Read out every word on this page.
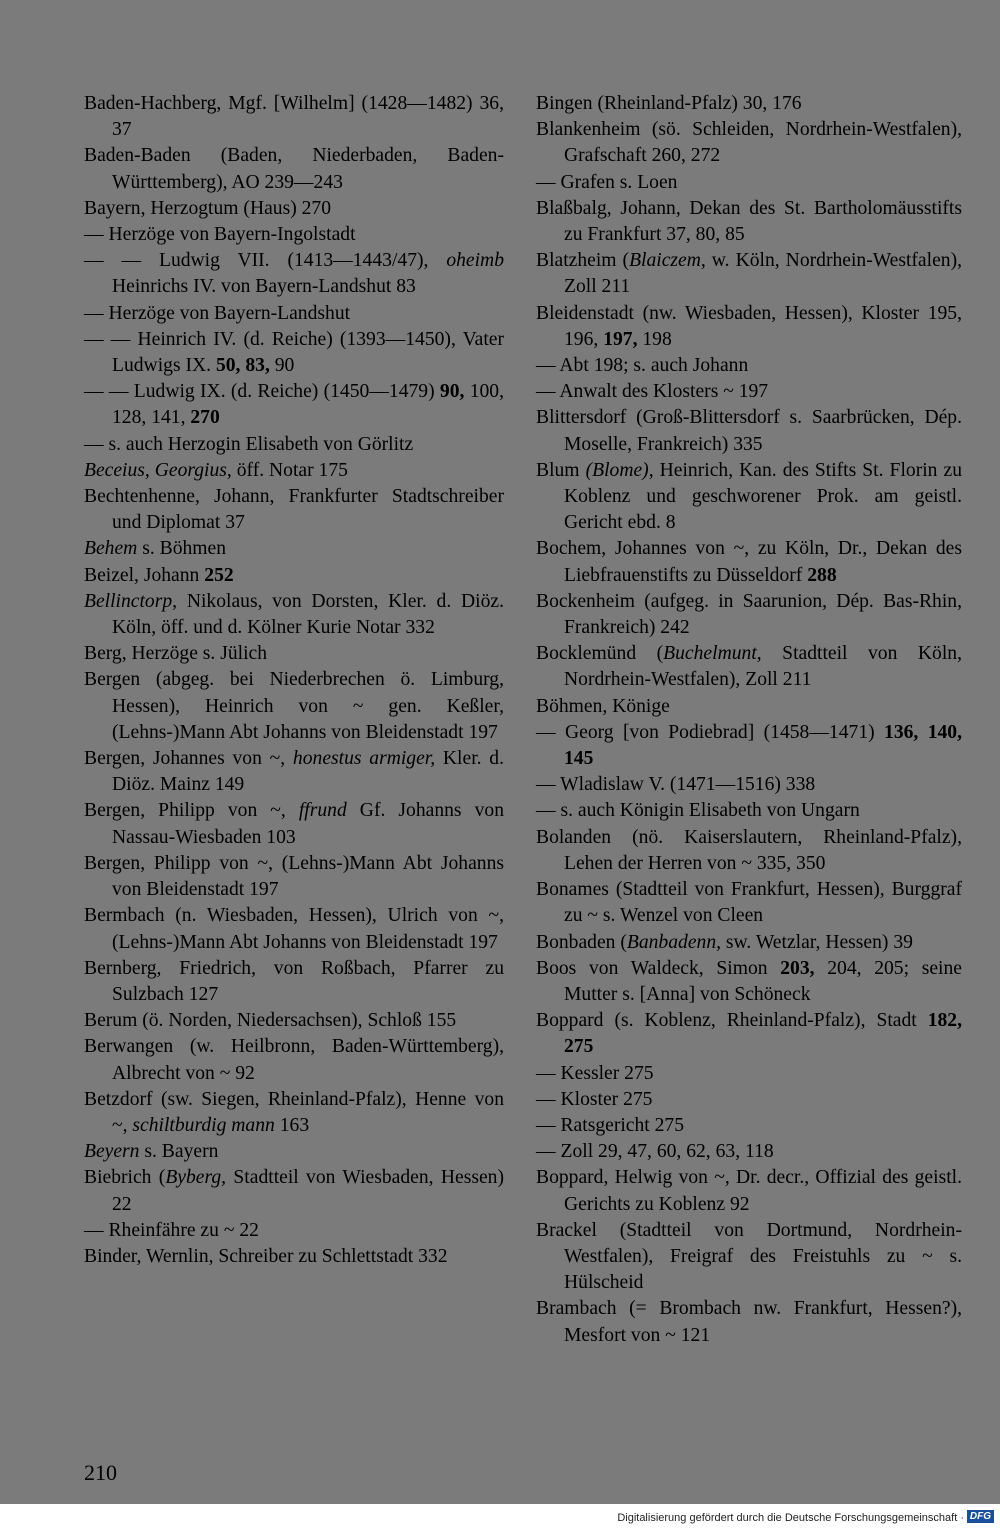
Baden-Hachberg, Mgf. [Wilhelm] (1428—1482) 36, 37

Baden-Baden (Baden, Niederbaden, Baden-Württemberg), AO 239—243

Bayern, Herzogtum (Haus) 270

— Herzöge von Bayern-Ingolstadt

— — Ludwig VII. (1413—1443/47), oheimb Heinrichs IV. von Bayern-Landshut 83

— Herzöge von Bayern-Landshut

— — Heinrich IV. (d. Reiche) (1393—1450), Vater Ludwigs IX. 50, 83, 90

— — Ludwig IX. (d. Reiche) (1450—1479) 90, 100, 128, 141, 270

— s. auch Herzogin Elisabeth von Görlitz

Beceius, Georgius, öff. Notar 175

Bechtenhenne, Johann, Frankfurter Stadtschreiber und Diplomat 37

Behem s. Böhmen

Beizel, Johann 252

Bellinctorp, Nikolaus, von Dorsten, Kler. d. Diöz. Köln, öff. und d. Kölner Kurie Notar 332

Berg, Herzöge s. Jülich

Bergen (abgeg. bei Niederbrechen ö. Limburg, Hessen), Heinrich von ~ gen. Keßler, (Lehns-)Mann Abt Johanns von Bleidenstadt 197

Bergen, Johannes von ~, honestus armiger, Kler. d. Diöz. Mainz 149

Bergen, Philipp von ~, ffrund Gf. Johanns von Nassau-Wiesbaden 103

Bergen, Philipp von ~, (Lehns-)Mann Abt Johanns von Bleidenstadt 197

Bermbach (n. Wiesbaden, Hessen), Ulrich von ~, (Lehns-)Mann Abt Johanns von Bleidenstadt 197

Bernberg, Friedrich, von Roßbach, Pfarrer zu Sulzbach 127

Berum (ö. Norden, Niedersachsen), Schloß 155

Berwangen (w. Heilbronn, Baden-Württemberg), Albrecht von ~ 92

Betzdorf (sw. Siegen, Rheinland-Pfalz), Henne von ~, schiltburdig mann 163

Beyern s. Bayern

Biebrich (Byberg, Stadtteil von Wiesbaden, Hessen) 22

— Rheinfähre zu ~ 22

Binder, Wernlin, Schreiber zu Schlettstadt 332

Bingen (Rheinland-Pfalz) 30, 176

Blankenheim (sö. Schleiden, Nordrhein-Westfalen), Grafschaft 260, 272

— Grafen s. Loen

Blaßbalg, Johann, Dekan des St. Bartholomäusstifts zu Frankfurt 37, 80, 85

Blatzheim (Blaiczem, w. Köln, Nordrhein-Westfalen), Zoll 211

Bleidenstadt (nw. Wiesbaden, Hessen), Kloster 195, 196, 197, 198

— Abt 198; s. auch Johann

— Anwalt des Klosters ~ 197

Blittersdorf (Groß-Blittersdorf s. Saarbrücken, Dép. Moselle, Frankreich) 335

Blum (Blome), Heinrich, Kan. des Stifts St. Florin zu Koblenz und geschworener Prok. am geistl. Gericht ebd. 8

Bochem, Johannes von ~, zu Köln, Dr., Dekan des Liebfrauenstifts zu Düsseldorf 288

Bockenheim (aufgeg. in Saarunion, Dép. Bas-Rhin, Frankreich) 242

Bocklemünd (Buchelmunt, Stadtteil von Köln, Nordrhein-Westfalen), Zoll 211

Böhmen, Könige

— Georg [von Podiebrad] (1458—1471) 136, 140, 145

— Wladislaw V. (1471—1516) 338

— s. auch Königin Elisabeth von Ungarn

Bolanden (nö. Kaiserslautern, Rheinland-Pfalz), Lehen der Herren von ~ 335, 350

Bonames (Stadtteil von Frankfurt, Hessen), Burggraf zu ~ s. Wenzel von Cleen

Bonbaden (Banbadenn, sw. Wetzlar, Hessen) 39

Boos von Waldeck, Simon 203, 204, 205; seine Mutter s. [Anna] von Schöneck

Boppard (s. Koblenz, Rheinland-Pfalz), Stadt 182, 275

— Kessler 275

— Kloster 275

— Ratsgericht 275

— Zoll 29, 47, 60, 62, 63, 118

Boppard, Helwig von ~, Dr. decr., Offizial des geistl. Gerichts zu Koblenz 92

Brackel (Stadtteil von Dortmund, Nordrhein-Westfalen), Freigraf des Freistuhls zu ~ s. Hülscheid

Brambach (= Brombach nw. Frankfurt, Hessen?), Mesfort von ~ 121

210
Digitalisierung gefördert durch die Deutsche Forschungsgemeinschaft · DFG
